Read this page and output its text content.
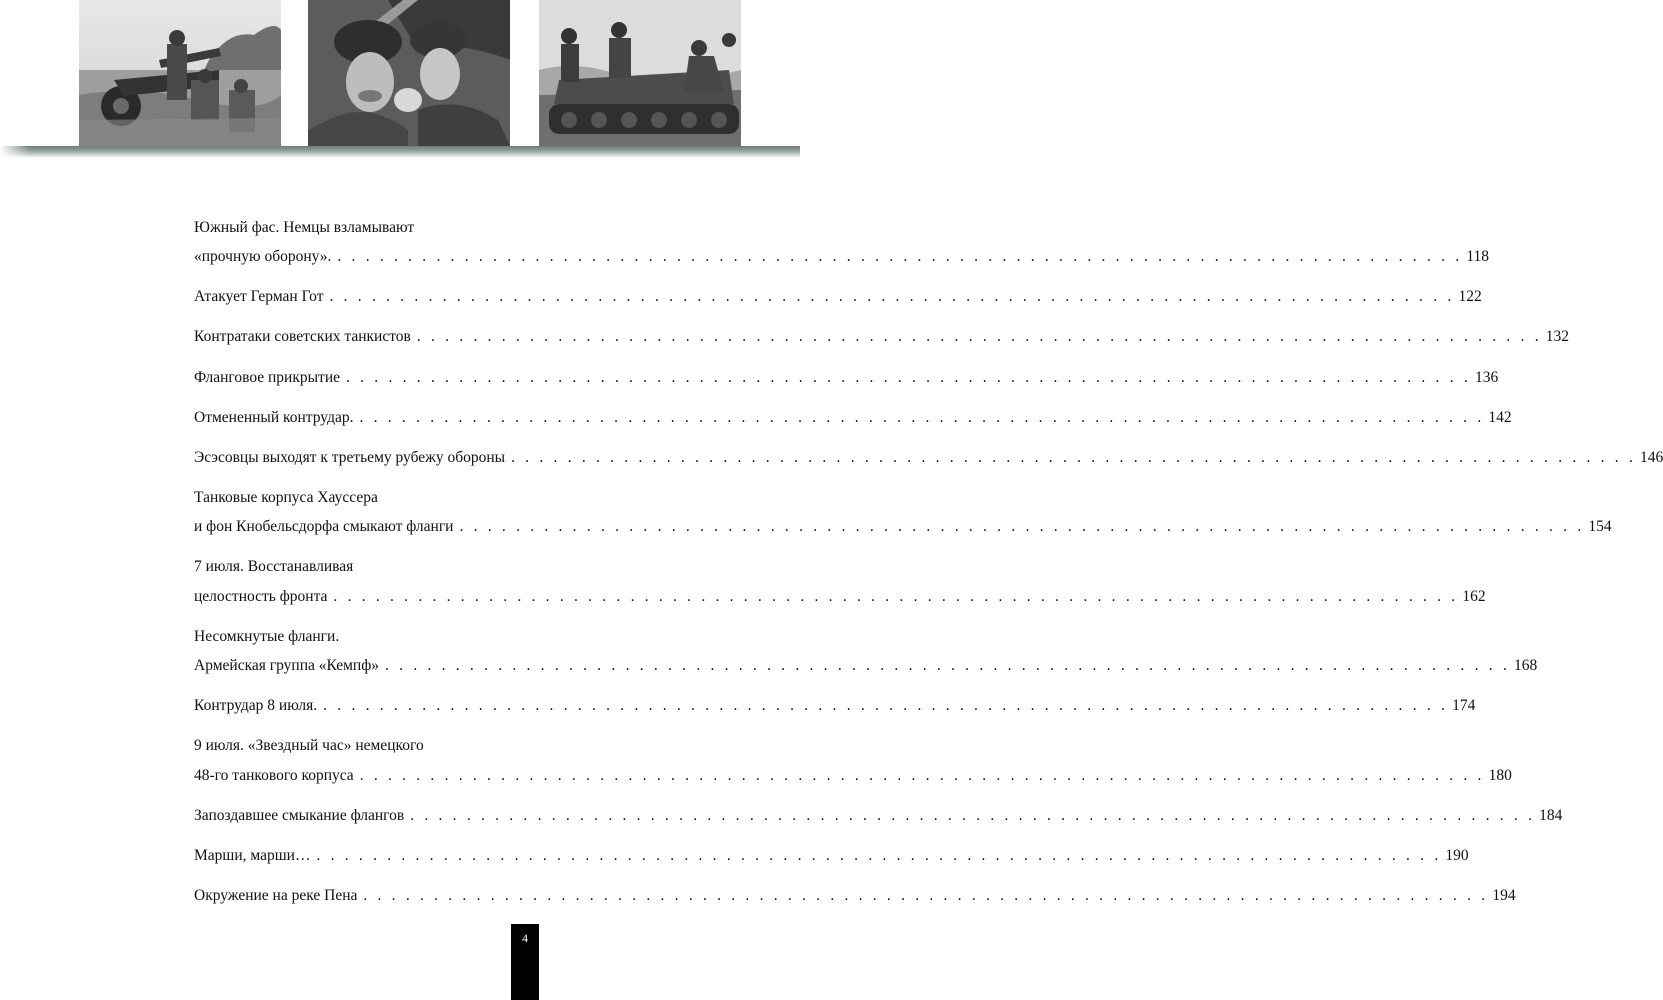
Южный фас. Немцы взламывают
«прочную оборону». . . . . . . . . . . . . . . . . . . . . . . . . . . . . . . . . . . . . . . . . . . . . . . . . . . . . . . . . . . . . . . . . . . . . . . . . . . . . . . . . 118
Атакует Герман Гот . . . . . . . . . . . . . . . . . . . . . . . . . . . . . . . . . . . . . . . . . . . . . . . . . . . . . . . . . . . . . . . . . . . . . . . . . . . . . . . . 122
Контратаки советских танкистов . . . . . . . . . . . . . . . . . . . . . . . . . . . . . . . . . . . . . . . . . . . . . . . . . . . . . . . . . . . . . . . . . . . . . . . . . . . . . . . . 132
Фланговое прикрытие . . . . . . . . . . . . . . . . . . . . . . . . . . . . . . . . . . . . . . . . . . . . . . . . . . . . . . . . . . . . . . . . . . . . . . . . . . . . . . . . 136
Отмененный контрудар. . . . . . . . . . . . . . . . . . . . . . . . . . . . . . . . . . . . . . . . . . . . . . . . . . . . . . . . . . . . . . . . . . . . . . . . . . . . . . . . . 142
Эсэсовцы выходят к третьему рубежу обороны . . . . . . . . . . . . . . . . . . . . . . . . . . . . . . . . . . . . . . . . . . . . . . . . . . . . . . . . . . . . . . . . . . . . . . . . . . . . . . . . 146
Танковые корпуса Хауссера
и фон Кнобельсдорфа смыкают фланги . . . . . . . . . . . . . . . . . . . . . . . . . . . . . . . . . . . . . . . . . . . . . . . . . . . . . . . . . . . . . . . . . . . . . . . . . . . . . . . . 154
7 июля. Восстанавливая
целостность фронта . . . . . . . . . . . . . . . . . . . . . . . . . . . . . . . . . . . . . . . . . . . . . . . . . . . . . . . . . . . . . . . . . . . . . . . . . . . . . . . . 162
Несомкнутые фланги.
Армейская группа «Кемпф» . . . . . . . . . . . . . . . . . . . . . . . . . . . . . . . . . . . . . . . . . . . . . . . . . . . . . . . . . . . . . . . . . . . . . . . . . . . . . . . . 168
Контрудар 8 июля. . . . . . . . . . . . . . . . . . . . . . . . . . . . . . . . . . . . . . . . . . . . . . . . . . . . . . . . . . . . . . . . . . . . . . . . . . . . . . . . . 174
9 июля. «Звездный час» немецкого
48-го танкового корпуса . . . . . . . . . . . . . . . . . . . . . . . . . . . . . . . . . . . . . . . . . . . . . . . . . . . . . . . . . . . . . . . . . . . . . . . . . . . . . . . . 180
Запоздавшее смыкание флангов . . . . . . . . . . . . . . . . . . . . . . . . . . . . . . . . . . . . . . . . . . . . . . . . . . . . . . . . . . . . . . . . . . . . . . . . . . . . . . . . 184
Марши, марши… . . . . . . . . . . . . . . . . . . . . . . . . . . . . . . . . . . . . . . . . . . . . . . . . . . . . . . . . . . . . . . . . . . . . . . . . . . . . . . . . 190
Окружение на реке Пена . . . . . . . . . . . . . . . . . . . . . . . . . . . . . . . . . . . . . . . . . . . . . . . . . . . . . . . . . . . . . . . . . . . . . . . . . . . . . . . . 194
4
